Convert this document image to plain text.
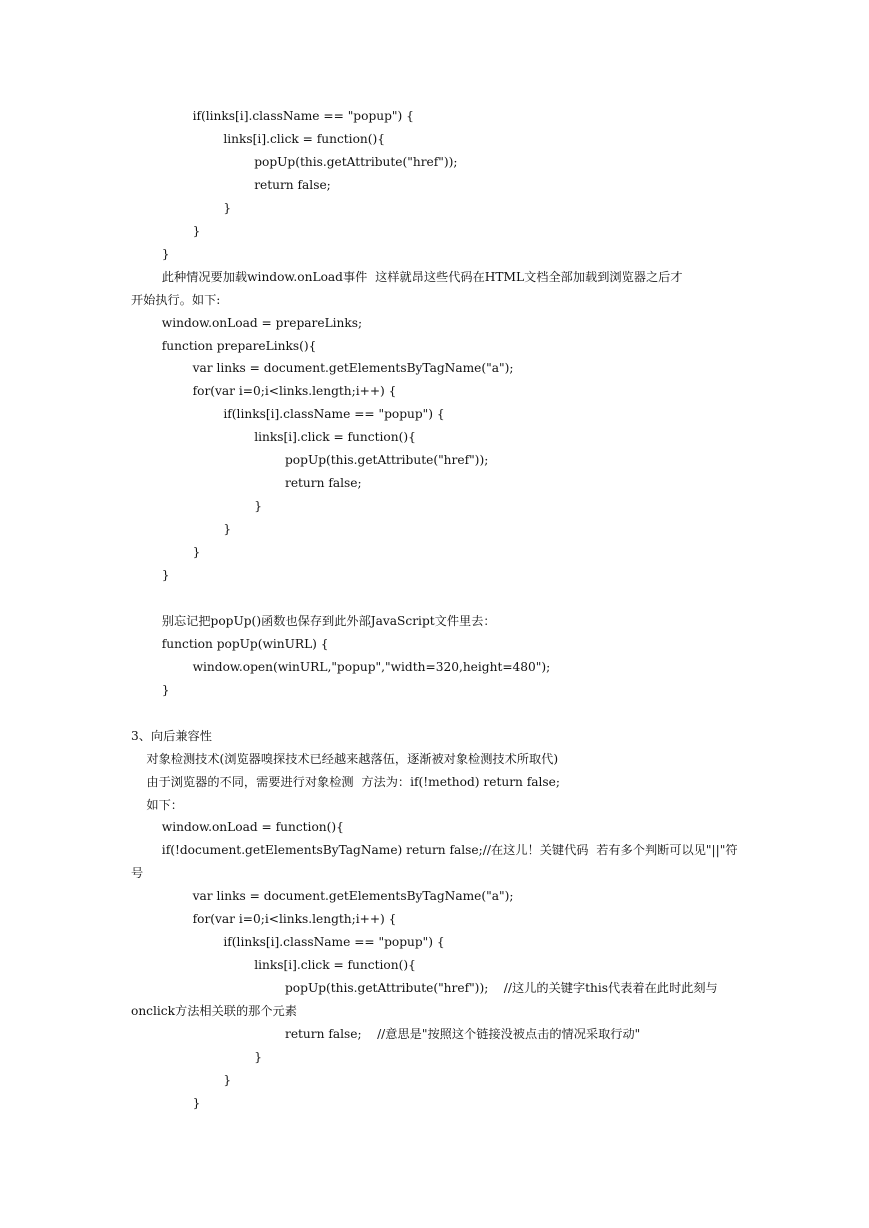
if(links[i].className == "popup") {
links[i].click = function(){
popUp(this.getAttribute("href"));
return false;
}
}
}
此种情况要加载window.onLoad事件  这样就昂这些代码在HTML文档全部加载到浏览器之后才
开始执行。如下:
window.onLoad = prepareLinks;
function prepareLinks(){
var links = document.getElementsByTagName("a");
for(var i=0;i<links.length;i++) {
if(links[i].className == "popup") {
links[i].click = function(){
popUp(this.getAttribute("href"));
return false;
}
}
}
}
别忘记把popUp()函数也保存到此外部JavaScript文件里去：
function popUp(winURL) {
window.open(winURL,"popup","width=320,height=480");
}
3、向后兼容性
对象检测技术(浏览器嗅探技术已经越来越落伍，逐渐被对象检测技术所取代)
由于浏览器的不同，需要进行对象检测  方法为：if(!method) return false;
如下：
window.onLoad = function(){
if(!document.getElementsByTagName) return false;//在这儿！关键代码  若有多个判断可以见"||"符
号
var links = document.getElementsByTagName("a");
for(var i=0;i<links.length;i++) {
if(links[i].className == "popup") {
links[i].click = function(){
popUp(this.getAttribute("href"));    //这儿的关键字this代表着在此时此刻与
onclick方法相关联的那个元素
return false;    //意思是"按照这个链接没被点击的情况采取行动"
}
}
}
